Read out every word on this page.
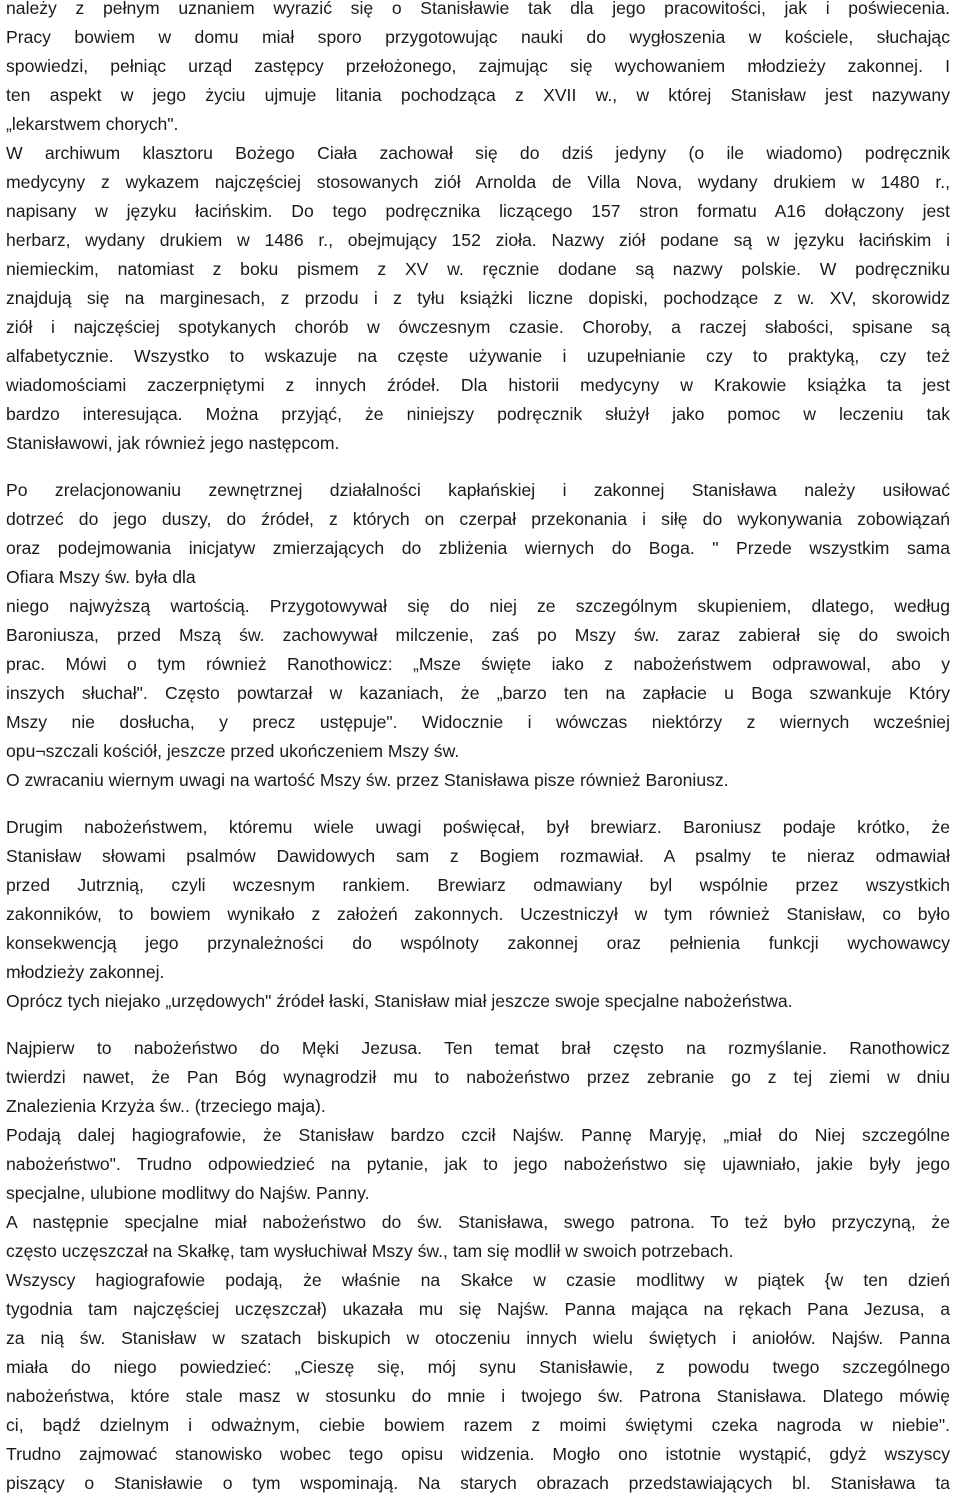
należy z pełnym uznaniem wyrazić się o Stanisławie tak dla jego pracowitości, jak i poświecenia.
Pracy bowiem w domu miał sporo przygotowując nauki do wygłoszenia w kościele, słuchając
spowiedzi, pełniąc urząd zastępcy przełożonego, zajmując się wychowaniem młodzieży zakonnej. I
ten aspekt w jego życiu ujmuje litania pochodząca z XVII w., w której Stanisław jest nazywany
„lekarstwem chorych".
W archiwum klasztoru Bożego Ciała zachował się do dziś jedyny (o ile wiadomo) podręcznik
medycyny z wykazem najczęściej stosowanych ziół Arnolda de Villa Nova, wydany drukiem w 1480 r.,
napisany w języku łacińskim. Do tego podręcznika liczącego 157 stron formatu A16 dołączony jest
herbarz, wydany drukiem w 1486 r., obejmujący 152 zioła. Nazwy ziół podane są w języku łacińskim i
niemieckim, natomiast z boku pismem z XV w. ręcznie dodane są nazwy polskie. W podręczniku
znajdują się na marginesach, z przodu i z tyłu książki liczne dopiski, pochodzące z w. XV, skorowidz
ziół i najczęściej spotykanych chorób w ówczesnym czasie. Choroby, a raczej słabości, spisane są
alfabetycznie. Wszystko to wskazuje na częste używanie i uzupełnianie czy to praktyką, czy też
wiadomościami zaczerpniętymi z innych źródeł. Dla historii medycyny w Krakowie książka ta jest
bardzo interesująca. Można przyjąć, że niniejszy podręcznik służył jako pomoc w leczeniu tak
Stanisławowi, jak również jego następcom.
Po zrelacjonowaniu zewnętrznej działalności kapłańskiej i zakonnej Stanisława należy usiłować
dotrzeć do jego duszy, do źródeł, z których on czerpał przekonania i siłę do wykonywania zobowiązań
oraz podejmowania inicjatyw zmierzających do zbliżenia wiernych do Boga. " Przede wszystkim sama
Ofiara Mszy św. była dla
niego najwyższą wartością. Przygotowywał się do niej ze szczególnym skupieniem, dlatego, według
Baroniusza, przed Mszą św. zachowywał milczenie, zaś po Mszy św. zaraz zabierał się do swoich
prac. Mówi o tym również Ranothowicz: „Msze święte iako z nabożeństwem odprawowal, abo y
inszych słuchał". Często powtarzał w kazaniach, że „barzo ten na zapłacie u Boga szwankuje Który
Mszy nie dosłucha, y precz ustępuje". Widocznie i wówczas niektórzy z wiernych wcześniej
opu¬szczali kościół, jeszcze przed ukończeniem Mszy św.
O zwracaniu wiernym uwagi na wartość Mszy św. przez Stanisława pisze również Baroniusz.
Drugim nabożeństwem, któremu wiele uwagi poświęcał, był brewiarz. Baroniusz podaje krótko, że
Stanisław słowami psalmów Dawidowych sam z Bogiem rozmawiał. A psalmy te nieraz odmawiał
przed Jutrznią, czyli wczesnym rankiem. Brewiarz odmawiany byl wspólnie przez wszystkich
zakonników, to bowiem wynikało z założeń zakonnych. Uczestniczył w tym również Stanisław, co było
konsekwencją jego przynależności do wspólnoty zakonnej oraz pełnienia funkcji wychowawcy
młodzieży zakonnej.
Oprócz tych niejako „urzędowych" źródeł łaski, Stanisław miał jeszcze swoje specjalne nabożeństwa.
Najpierw to nabożeństwo do Męki Jezusa. Ten temat brał często na rozmyślanie. Ranothowicz
twierdzi nawet, że Pan Bóg wynagrodził mu to nabożeństwo przez zebranie go z tej ziemi w dniu
Znalezienia Krzyża św.. (trzeciego maja).
Podają dalej hagiografowie, że Stanisław bardzo czcił Najśw. Pannę Maryję, „miał do Niej szczególne
nabożeństwo". Trudno odpowiedzieć na pytanie, jak to jego nabożeństwo się ujawniało, jakie były jego
specjalne, ulubione modlitwy do Najśw. Panny.
A następnie specjalne miał nabożeństwo do św. Stanisława, swego patrona. To też było przyczyną, że
często uczęszczał na Skałkę, tam wysłuchiwał Mszy św., tam się modlił w swoich potrzebach.
Wszyscy hagiografowie podają, że właśnie na Skałce w czasie modlitwy w piątek {w ten dzień
tygodnia tam najczęściej uczęszczał) ukazała mu się Najśw. Panna mająca na rękach Pana Jezusa, a
za nią św. Stanisław w szatach biskupich w otoczeniu innych wielu świętych i aniołów. Najśw. Panna
miała do niego powiedzieć: „Cieszę się, mój synu Stanisławie, z powodu twego szczególnego
nabożeństwa, które stale masz w stosunku do mnie i twojego św. Patrona Stanisława. Dlatego mówię
ci, bądź dzielnym i odważnym, ciebie bowiem razem z moimi świętymi czeka nagroda w niebie".
Trudno zajmować stanowisko wobec tego opisu widzenia. Mogło ono istotnie wystąpić, gdyż wszyscy
piszący o Stanisławie o tym wspominają. Na starych obrazach przedstawiających bl. Stanisława ta
